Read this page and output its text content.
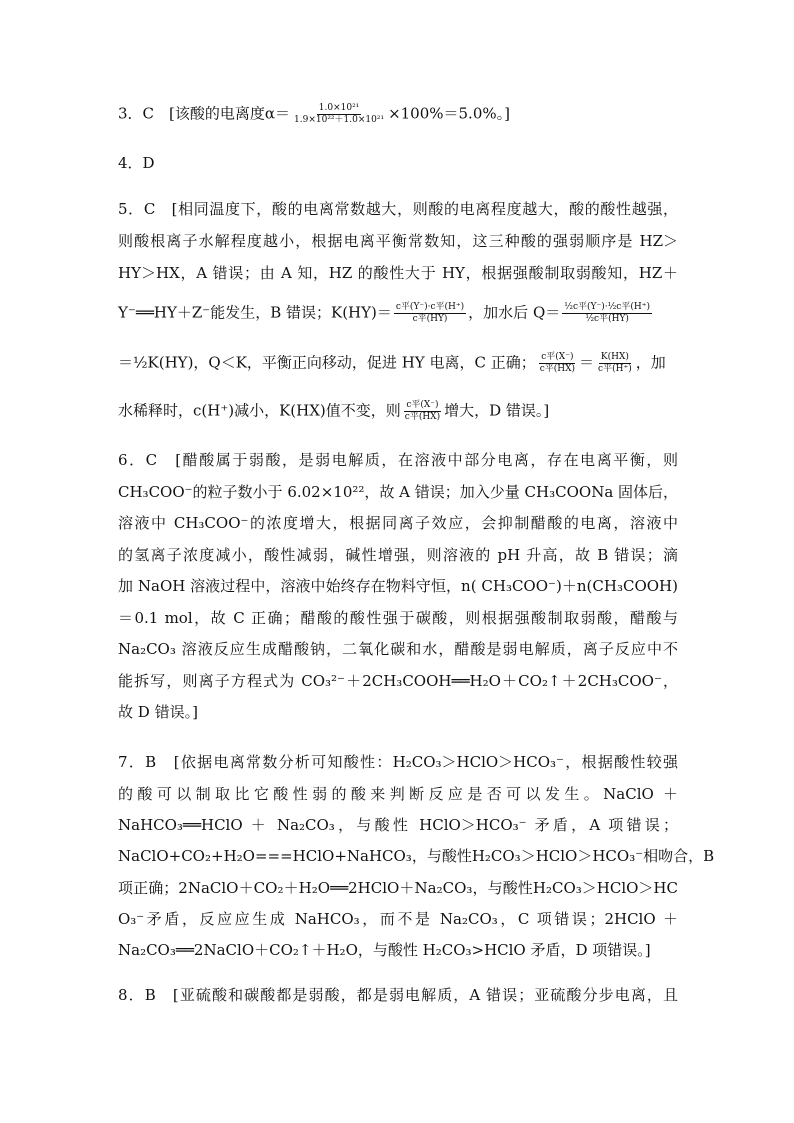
3．C　[该酸的电离度$\alpha= \frac{\text{1.0×10²¹}}{\text{1.9×10²²＋1.0×10²¹}} \times 100\%=5.0\%$。]
4．D
5．C　[相同温度下，酸的电离常数越大，则酸的电离程度越大，酸的酸性越强，
则酸根离子水解程度越小，根据电离平衡常数知，这三种酸的强弱顺序是 HZ＞
HY＞HX，A 错误；由 A 知，HZ 的酸性大于 HY，根据强酸制取弱酸知，HZ＋
Y⁻══HY＋Z⁻能发生，B 错误；$K(HY)= \frac{\text{c平(Y⁻)·c平(H⁺)}}{\text{c平(HY)}}$ ，加水后 $Q= \frac{\text{½c平(Y⁻)·½c平(H⁺)}}{\text{½c平(HY)}}$
＝½K(HY)，Q＜K，平衡正向移动，促进 HY 电离，C 正确； $\frac{\text{c平(X⁻)}}{\text{c平(HX)}} = \frac{K(HX)}{\text{c平(H⁺)}}$ ，加
水稀释时，c(H⁺)减小，K(HX)值不变，则 $\frac{\text{c平(X⁻)}}{\text{c平(HX)}}$ 增大，D 错误。]
6．C　[醋酸属于弱酸，是弱电解质，在溶液中部分电离，存在电离平衡，则
CH₃COO⁻的粒子数小于 6.02×10²²，故 A 错误；加入少量 CH₃COONa 固体后，
溶液中 CH₃COO⁻的浓度增大，根据同离子效应，会抑制醋酸的电离，溶液中
的氢离子浓度减小，酸性减弱，碱性增强，则溶液的 pH 升高，故 B 错误；滴
加 NaOH 溶液过程中，溶液中始终存在物料守恒，n( CH₃COO⁻)＋n(CH₃COOH)
＝0.1 mol，故 C 正确；醋酸的酸性强于碳酸，则根据强酸制取弱酸，醋酸与
Na₂CO₃ 溶液反应生成醋酸钠，二氧化碳和水，醋酸是弱电解质，离子反应中不
能拆写，则离子方程式为 CO₃²⁻＋2CH₃COOH══H₂O＋CO₂↑＋2CH₃COO⁻，
故 D 错误。]
7．B　[依据电离常数分析可知酸性：H₂CO₃＞HClO＞HCO₃⁻，根据酸性较强
的酸可以制取比它酸性弱的酸来判断反应是否可以发生。NaClO ＋
NaHCO₃══HClO ＋ Na₂CO₃，与酸性 HClO＞HCO₃⁻ 矛盾，A 项错误；
NaClO+CO₂+H₂O===HClO+NaHCO₃，与酸性H₂CO₃＞HClO＞HCO₃⁻相吻合，B
项正确；2NaClO＋CO₂＋H₂O══2HClO＋Na₂CO₃，与酸性H₂CO₃＞HClO＞HC
O₃⁻矛盾，反应应生成 NaHCO₃，而不是 Na₂CO₃，C 项错误；2HClO ＋
Na₂CO₃══2NaClO＋CO₂↑＋H₂O，与酸性 H₂CO₃>HClO 矛盾，D 项错误。]
8．B　[亚硫酸和碳酸都是弱酸，都是弱电解质，A 错误；亚硫酸分步电离，且
